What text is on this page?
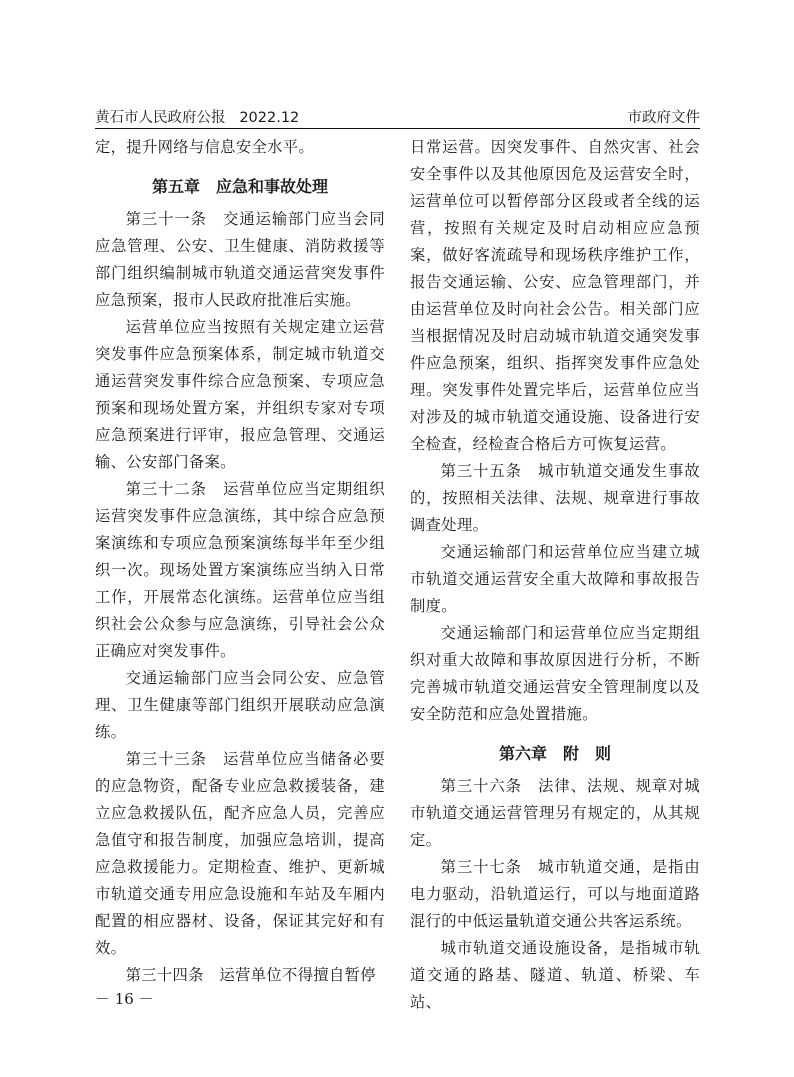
黄石市人民政府公报   2022.12	市政府文件

定，提升网络与信息安全水平。

第五章　应急和事故处理

第三十一条　交通运输部门应当会同应急管理、公安、卫生健康、消防救援等部门组织编制城市轨道交通运营突发事件应急预案，报市人民政府批准后实施。

运营单位应当按照有关规定建立运营突发事件应急预案体系，制定城市轨道交通运营突发事件综合应急预案、专项应急预案和现场处置方案，并组织专家对专项应急预案进行评审，报应急管理、交通运输、公安部门备案。

第三十二条　运营单位应当定期组织运营突发事件应急演练，其中综合应急预案演练和专项应急预案演练每半年至少组织一次。现场处置方案演练应当纳入日常工作，开展常态化演练。运营单位应当组织社会公众参与应急演练，引导社会公众正确应对突发事件。

交通运输部门应当会同公安、应急管理、卫生健康等部门组织开展联动应急演练。

第三十三条　运营单位应当储备必要的应急物资，配备专业应急救援装备，建立应急救援队伍，配齐应急人员，完善应急值守和报告制度，加强应急培训，提高应急救援能力。定期检查、维护、更新城市轨道交通专用应急设施和车站及车厢内配置的相应器材、设备，保证其完好和有效。

第三十四条　运营单位不得擅自暂停

日常运营。因突发事件、自然灾害、社会安全事件以及其他原因危及运营安全时，运营单位可以暂停部分区段或者全线的运营，按照有关规定及时启动相应应急预案，做好客流疏导和现场秩序维护工作，报告交通运输、公安、应急管理部门，并由运营单位及时向社会公告。相关部门应当根据情况及时启动城市轨道交通突发事件应急预案，组织、指挥突发事件应急处理。突发事件处置完毕后，运营单位应当对涉及的城市轨道交通设施、设备进行安全检查，经检查合格后方可恢复运营。

第三十五条　城市轨道交通发生事故的，按照相关法律、法规、规章进行事故调查处理。

交通运输部门和运营单位应当建立城市轨道交通运营安全重大故障和事故报告制度。

交通运输部门和运营单位应当定期组织对重大故障和事故原因进行分析，不断完善城市轨道交通运营安全管理制度以及安全防范和应急处置措施。

第六章　附　则

第三十六条　法律、法规、规章对城市轨道交通运营管理另有规定的，从其规定。

第三十七条　城市轨道交通，是指由电力驱动，沿轨道运行，可以与地面道路混行的中低运量轨道交通公共客运系统。

城市轨道交通设施设备，是指城市轨道交通的路基、隧道、轨道、桥梁、车站、

－ 16 －
